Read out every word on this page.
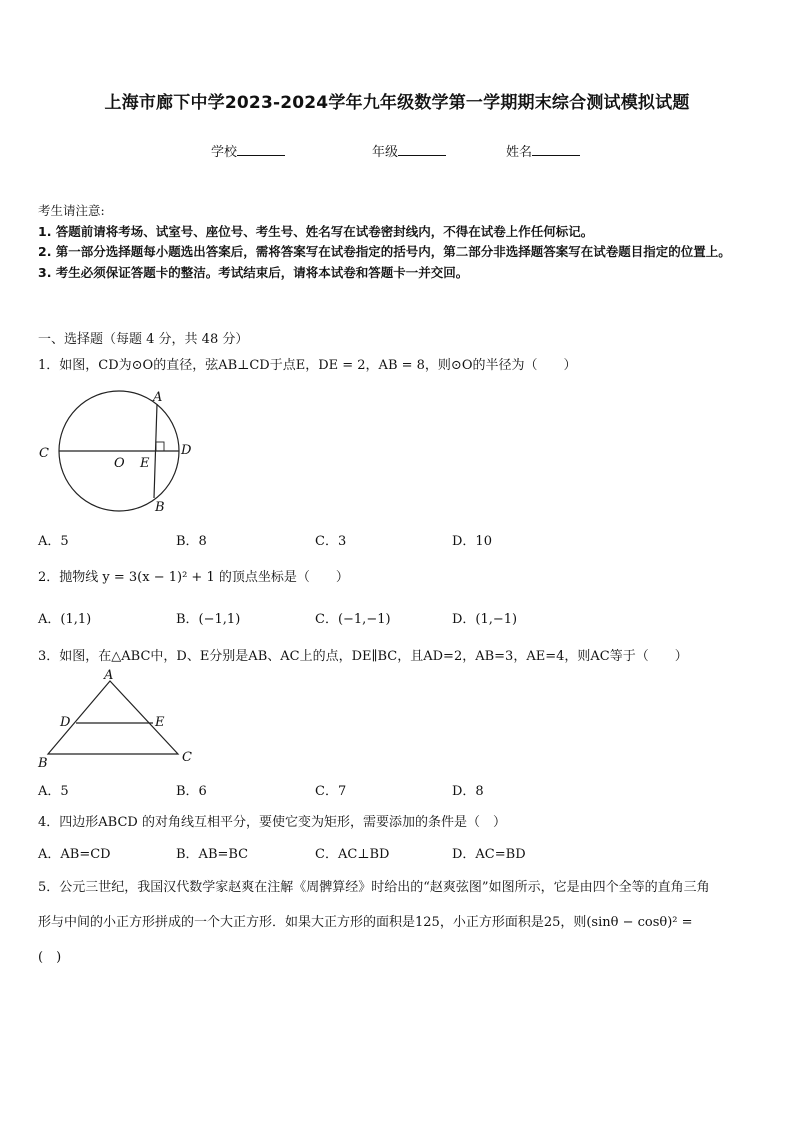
上海市廊下中学2023-2024学年九年级数学第一学期期末综合测试模拟试题
学校	年级	姓名
考生请注意:
1. 答题前请将考场、试室号、座位号、考生号、姓名写在试卷密封线内，不得在试卷上作任何标记。
2. 第一部分选择题每小题选出答案后，需将答案写在试卷指定的括号内，第二部分非选择题答案写在试卷题目指定的位置上。
3. 考生必须保证答题卡的整洁。考试结束后，请将本试卷和答题卡一并交回。
一、选择题（每题 4 分，共 48 分）
1．如图，CD为⊙O的直径，弦AB⊥CD于点E，DE = 2，AB = 8，则⊙O的半径为（　　）
A
B
C	D
O E
A．5	B．8	C．3	D．10
2．抛物线 y = 3(x − 1)² + 1 的顶点坐标是（　　）
A．(1,1)	B．(−1,1)	C．(−1,−1)	D．(1,−1)
3．如图，在△ABC中，D、E分别是AB、AC上的点，DE∥BC，且AD=2，AB=3，AE=4，则AC等于（　　）
A
B	C
D	E
A．5	B．6	C．7	D．8
4．四边形ABCD 的对角线互相平分，要使它变为矩形，需要添加的条件是（　）
A．AB=CD	B．AB=BC	C．AC⊥BD	D．AC=BD
5．公元三世纪，我国汉代数学家赵爽在注解《周髀算经》时给出的“赵爽弦图”如图所示，它是由四个全等的直角三角
形与中间的小正方形拼成的一个大正方形．如果大正方形的面积是125，小正方形面积是25，则(sinθ − cosθ)² =
(　)
